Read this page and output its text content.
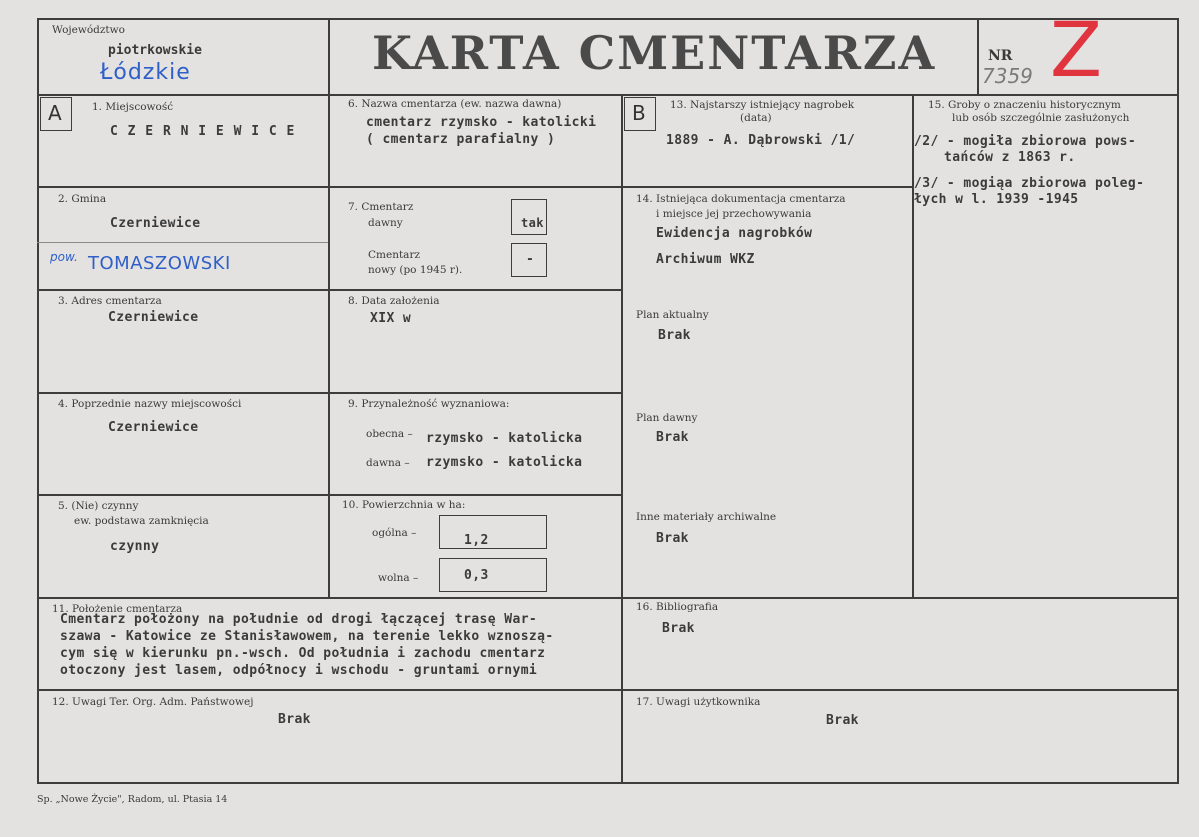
Województwo
piotrkowskie
Łódzkie	KARTA CMENTARZA	NR
7359 Z
A	1. Miejscowość
C Z E R N I E W I C E
2. Gmina
Czerniewice
pow. TOMASZOWSKI
3. Adres cmentarza
Czerniewice
4. Poprzednie nazwy miejscowości
Czerniewice
5. (Nie) czynny
ew. podstawa zamknięcia
czynny
6. Nazwa cmentarza (ew. nazwa dawna)
cmentarz rzymsko - katolicki
( cmentarz parafialny )
7. Cmentarz
dawny	tak
Cmentarz
nowy (po 1945 r).
-
8. Data założenia
XIX w
9. Przynależność wyznaniowa:
obecna – rzymsko - katolicka
dawna – rzymsko - katolicka
10. Powierzchnia w ha:
ogólna –	1,2
wolna –	0,3
B 13. Najstarszy istniejący nagrobek
(data)
1889 - A. Dąbrowski /1/
14. Istniejąca dokumentacja cmentarza
i miejsce jej przechowywania
Ewidencja nagrobków
Archiwum WKZ
Plan aktualny
Brak
Plan dawny
Brak
Inne materiały archiwalne
Brak
15. Groby o znaczeniu historycznym
lub osób szczególnie zasłużonych
/2/ - mogiła zbiorowa pows-
tańców z 1863 r.
/3/ - mogiąa zbiorowa poleg-
łych w l. 1939 -1945
11. Położenie cmentarza
Cmentarz położony na południe od drogi łączącej trasę War-
szawa - Katowice ze Stanisławowem, na terenie lekko wznoszą-
cym się w kierunku pn.-wsch. Od południa i zachodu cmentarz
otoczony jest lasem, odpółnocy i wschodu - gruntami ornymi
16. Bibliografia
Brak
12. Uwagi Ter. Org. Adm. Państwowej
Brak
17. Uwagi użytkownika
Brak
Sp. „Nowe Życie", Radom, ul. Ptasia 14
